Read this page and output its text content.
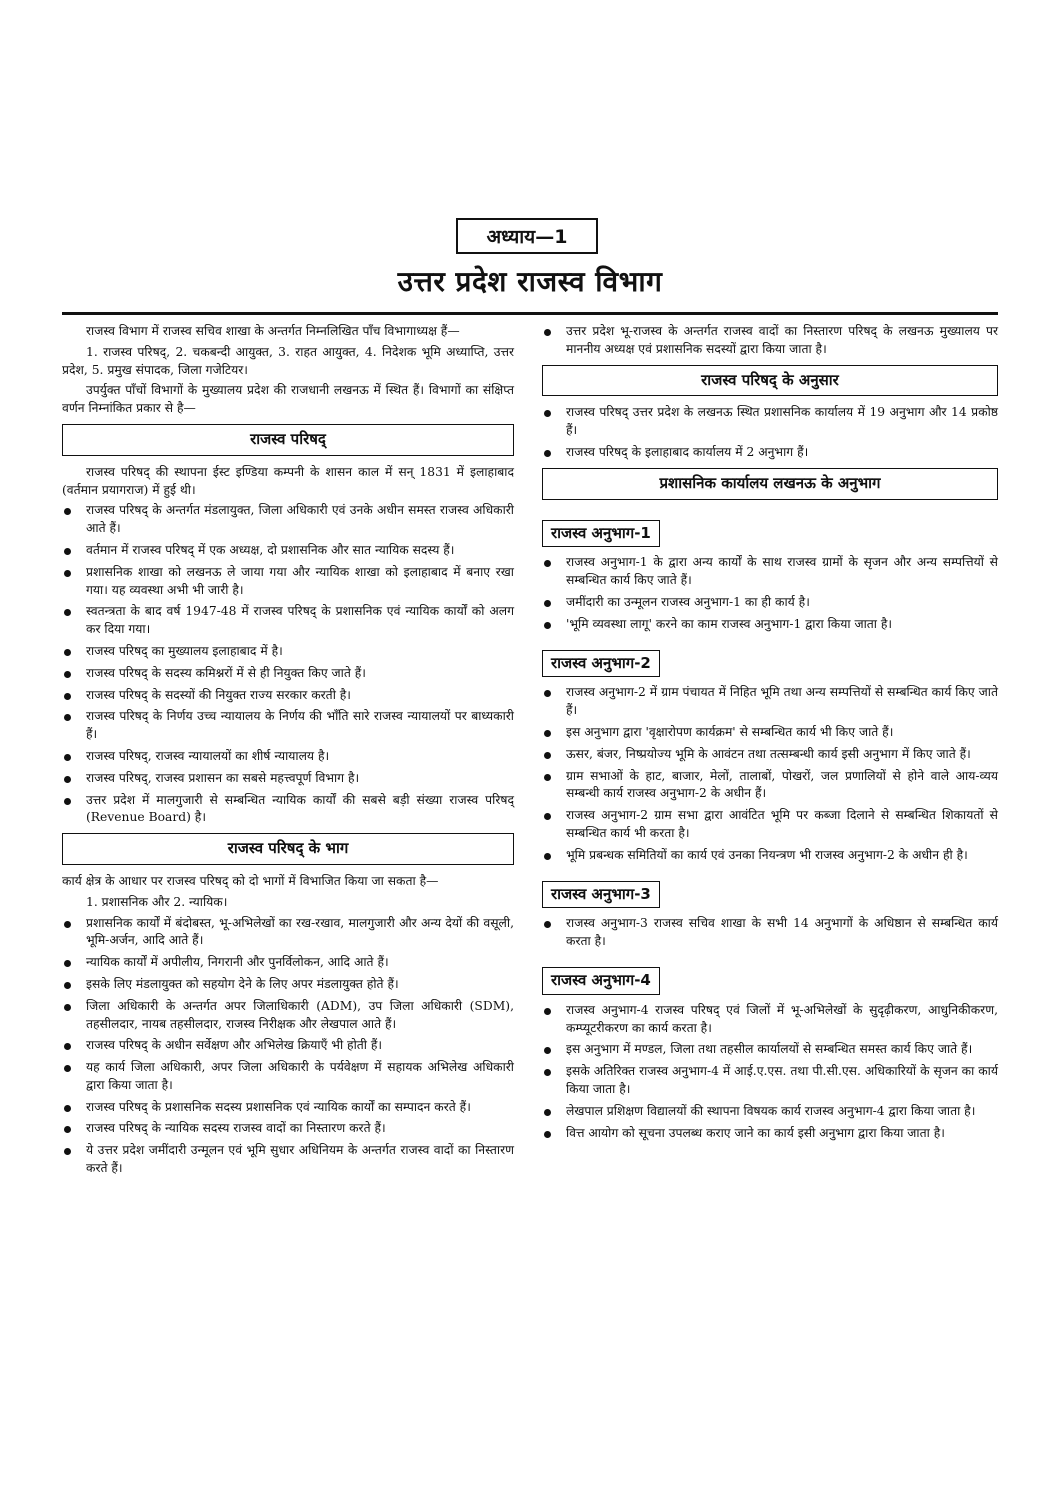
अध्याय—1
उत्तर प्रदेश राजस्व विभाग

राजस्व विभाग में राजस्व सचिव शाखा के अन्तर्गत निम्नलिखित पाँच विभागाध्यक्ष हैं—

1. राजस्व परिषद्, 2. चकबन्दी आयुक्त, 3. राहत आयुक्त, 4. निदेशक भूमि अध्याप्ति, उत्तर प्रदेश, 5. प्रमुख संपादक, जिला गजेटियर।

उपर्युक्त पाँचों विभागों के मुख्यालय प्रदेश की राजधानी लखनऊ में स्थित हैं। विभागों का संक्षिप्त वर्णन निम्नांकित प्रकार से है—

राजस्व परिषद्

राजस्व परिषद् की स्थापना ईस्ट इण्डिया कम्पनी के शासन काल में सन् 1831 में इलाहाबाद (वर्तमान प्रयागराज) में हुई थी।

राजस्व परिषद् के अन्तर्गत मंडलायुक्त, जिला अधिकारी एवं उनके अधीन समस्त राजस्व अधिकारी आते हैं।
वर्तमान में राजस्व परिषद् में एक अध्यक्ष, दो प्रशासनिक और सात न्यायिक सदस्य हैं।
प्रशासनिक शाखा को लखनऊ ले जाया गया और न्यायिक शाखा को इलाहाबाद में बनाए रखा गया। यह व्यवस्था अभी भी जारी है।
स्वतन्त्रता के बाद वर्ष 1947-48 में राजस्व परिषद् के प्रशासनिक एवं न्यायिक कार्यों को अलग कर दिया गया।
राजस्व परिषद् का मुख्यालय इलाहाबाद में है।
राजस्व परिषद् के सदस्य कमिश्नरों में से ही नियुक्त किए जाते हैं।
राजस्व परिषद् के सदस्यों की नियुक्त राज्य सरकार करती है।
राजस्व परिषद् के निर्णय उच्च न्यायालय के निर्णय की भाँति सारे राजस्व न्यायालयों पर बाध्यकारी हैं।
राजस्व परिषद्, राजस्व न्यायालयों का शीर्ष न्यायालय है।
राजस्व परिषद्, राजस्व प्रशासन का सबसे महत्त्वपूर्ण विभाग है।
उत्तर प्रदेश में मालगुजारी से सम्बन्धित न्यायिक कार्यों की सबसे बड़ी संख्या राजस्व परिषद् (Revenue Board) है।
राजस्व परिषद् के भाग

कार्य क्षेत्र के आधार पर राजस्व परिषद् को दो भागों में विभाजित किया जा सकता है—

1. प्रशासनिक और 2. न्यायिक।

प्रशासनिक कार्यों में बंदोबस्त, भू-अभिलेखों का रख-रखाव, मालगुजारी और अन्य देयों की वसूली, भूमि-अर्जन, आदि आते हैं।
न्यायिक कार्यों में अपीलीय, निगरानी और पुनर्विलोकन, आदि आते हैं।
इसके लिए मंडलायुक्त को सहयोग देने के लिए अपर मंडलायुक्त होते हैं।
जिला अधिकारी के अन्तर्गत अपर जिलाधिकारी (ADM), उप जिला अधिकारी (SDM), तहसीलदार, नायब तहसीलदार, राजस्व निरीक्षक और लेखपाल आते हैं।
राजस्व परिषद् के अधीन सर्वेक्षण और अभिलेख क्रियाएँ भी होती हैं।
यह कार्य जिला अधिकारी, अपर जिला अधिकारी के पर्यवेक्षण में सहायक अभिलेख अधिकारी द्वारा किया जाता है।
राजस्व परिषद् के प्रशासनिक सदस्य प्रशासनिक एवं न्यायिक कार्यों का सम्पादन करते हैं।
राजस्व परिषद् के न्यायिक सदस्य राजस्व वादों का निस्तारण करते हैं।
ये उत्तर प्रदेश जमींदारी उन्मूलन एवं भूमि सुधार अधिनियम के अन्तर्गत राजस्व वादों का निस्तारण करते हैं।
उत्तर प्रदेश भू-राजस्व के अन्तर्गत राजस्व वादों का निस्तारण परिषद् के लखनऊ मुख्यालय पर माननीय अध्यक्ष एवं प्रशासनिक सदस्यों द्वारा किया जाता है।
राजस्व परिषद् के अनुसार
राजस्व परिषद् उत्तर प्रदेश के लखनऊ स्थित प्रशासनिक कार्यालय में 19 अनुभाग और 14 प्रकोष्ठ हैं।
राजस्व परिषद् के इलाहाबाद कार्यालय में 2 अनुभाग हैं।
प्रशासनिक कार्यालय लखनऊ के अनुभाग
राजस्व अनुभाग-1
राजस्व अनुभाग-1 के द्वारा अन्य कार्यों के साथ राजस्व ग्रामों के सृजन और अन्य सम्पत्तियों से सम्बन्धित कार्य किए जाते हैं।
जमींदारी का उन्मूलन राजस्व अनुभाग-1 का ही कार्य है।
'भूमि व्यवस्था लागू' करने का काम राजस्व अनुभाग-1 द्वारा किया जाता है।
राजस्व अनुभाग-2
राजस्व अनुभाग-2 में ग्राम पंचायत में निहित भूमि तथा अन्य सम्पत्तियों से सम्बन्धित कार्य किए जाते हैं।
इस अनुभाग द्वारा 'वृक्षारोपण कार्यक्रम' से सम्बन्धित कार्य भी किए जाते हैं।
ऊसर, बंजर, निष्प्रयोज्य भूमि के आवंटन तथा तत्सम्बन्धी कार्य इसी अनुभाग में किए जाते हैं।
ग्राम सभाओं के हाट, बाजार, मेलों, तालाबों, पोखरों, जल प्रणालियों से होने वाले आय-व्यय सम्बन्धी कार्य राजस्व अनुभाग-2 के अधीन हैं।
राजस्व अनुभाग-2 ग्राम सभा द्वारा आवंटित भूमि पर कब्जा दिलाने से सम्बन्धित शिकायतों से सम्बन्धित कार्य भी करता है।
भूमि प्रबन्धक समितियों का कार्य एवं उनका नियन्त्रण भी राजस्व अनुभाग-2 के अधीन ही है।
राजस्व अनुभाग-3
राजस्व अनुभाग-3 राजस्व सचिव शाखा के सभी 14 अनुभागों के अधिष्ठान से सम्बन्धित कार्य करता है।
राजस्व अनुभाग-4
राजस्व अनुभाग-4 राजस्व परिषद् एवं जिलों में भू-अभिलेखों के सुदृढ़ीकरण, आधुनिकीकरण, कम्प्यूटरीकरण का कार्य करता है।
इस अनुभाग में मण्डल, जिला तथा तहसील कार्यालयों से सम्बन्धित समस्त कार्य किए जाते हैं।
इसके अतिरिक्त राजस्व अनुभाग-4 में आई.ए.एस. तथा पी.सी.एस. अधिकारियों के सृजन का कार्य किया जाता है।
लेखपाल प्रशिक्षण विद्यालयों की स्थापना विषयक कार्य राजस्व अनुभाग-4 द्वारा किया जाता है।
वित्त आयोग को सूचना उपलब्ध कराए जाने का कार्य इसी अनुभाग द्वारा किया जाता है।
